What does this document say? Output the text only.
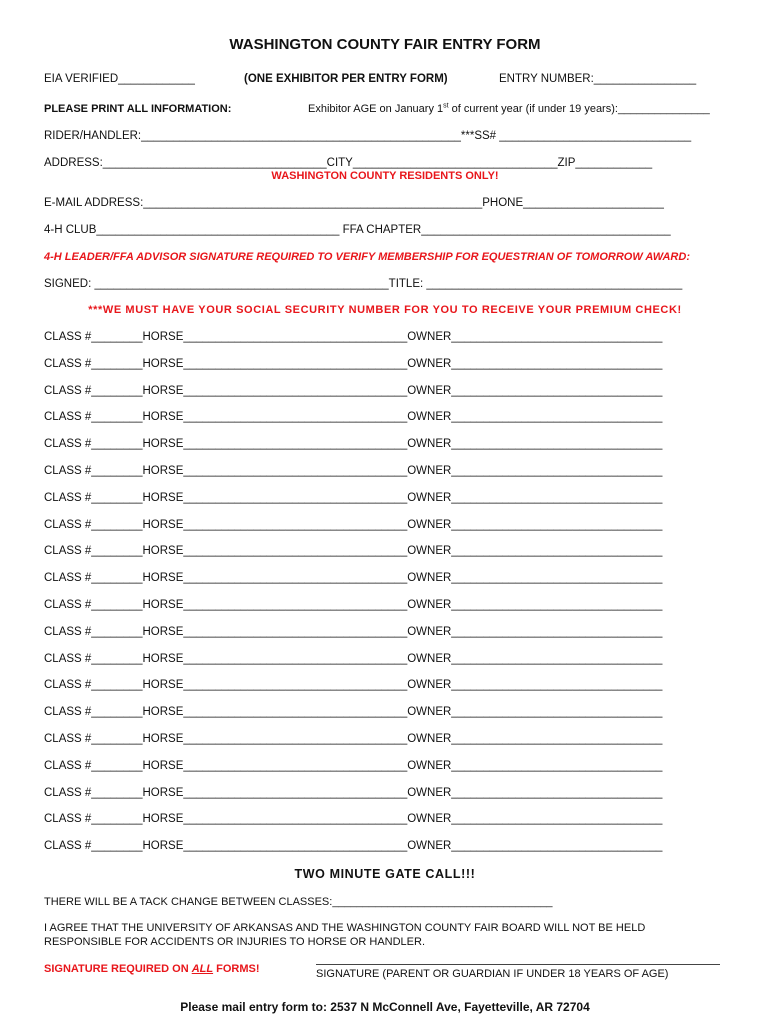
WASHINGTON COUNTY FAIR ENTRY FORM
EIA VERIFIED____________	(ONE EXHIBITOR PER ENTRY FORM)	ENTRY NUMBER:________________
PLEASE PRINT ALL INFORMATION:	Exhibitor AGE on January 1st of current year (if under 19 years):_______________
RIDER/HANDLER:__________________________________________________***SS# ______________________________
ADDRESS:___________________________________CITY________________________________ZIP____________
WASHINGTON COUNTY RESIDENTS ONLY!
E-MAIL ADDRESS:_____________________________________________________PHONE______________________
4-H CLUB______________________________________ FFA CHAPTER_______________________________________
4-H LEADER/FFA ADVISOR SIGNATURE REQUIRED TO VERIFY MEMBERSHIP FOR EQUESTRIAN OF TOMORROW AWARD:
SIGNED: ______________________________________________TITLE: ________________________________________
***WE MUST HAVE YOUR SOCIAL SECURITY NUMBER FOR YOU TO RECEIVE YOUR PREMIUM CHECK!
CLASS #________HORSE___________________________________OWNER_________________________________
CLASS #________HORSE___________________________________OWNER_________________________________
CLASS #________HORSE___________________________________OWNER_________________________________
CLASS #________HORSE___________________________________OWNER_________________________________
CLASS #________HORSE___________________________________OWNER_________________________________
CLASS #________HORSE___________________________________OWNER_________________________________
CLASS #________HORSE___________________________________OWNER_________________________________
CLASS #________HORSE___________________________________OWNER_________________________________
CLASS #________HORSE___________________________________OWNER_________________________________
CLASS #________HORSE___________________________________OWNER_________________________________
CLASS #________HORSE___________________________________OWNER_________________________________
CLASS #________HORSE___________________________________OWNER_________________________________
CLASS #________HORSE___________________________________OWNER_________________________________
CLASS #________HORSE___________________________________OWNER_________________________________
CLASS #________HORSE___________________________________OWNER_________________________________
CLASS #________HORSE___________________________________OWNER_________________________________
CLASS #________HORSE___________________________________OWNER_________________________________
CLASS #________HORSE___________________________________OWNER_________________________________
CLASS #________HORSE___________________________________OWNER_________________________________
CLASS #________HORSE___________________________________OWNER_________________________________
TWO MINUTE GATE CALL!!!
THERE WILL BE A TACK CHANGE BETWEEN CLASSES:____________________________________
I AGREE THAT THE UNIVERSITY OF ARKANSAS AND THE WASHINGTON COUNTY FAIR BOARD WILL NOT BE HELD
RESPONSIBLE FOR ACCIDENTS OR INJURIES TO HORSE OR HANDLER.
SIGNATURE REQUIRED ON ALL FORMS!	SIGNATURE (PARENT OR GUARDIAN IF UNDER 18 YEARS OF AGE)
Please mail entry form to: 2537 N McConnell Ave, Fayetteville, AR 72704
